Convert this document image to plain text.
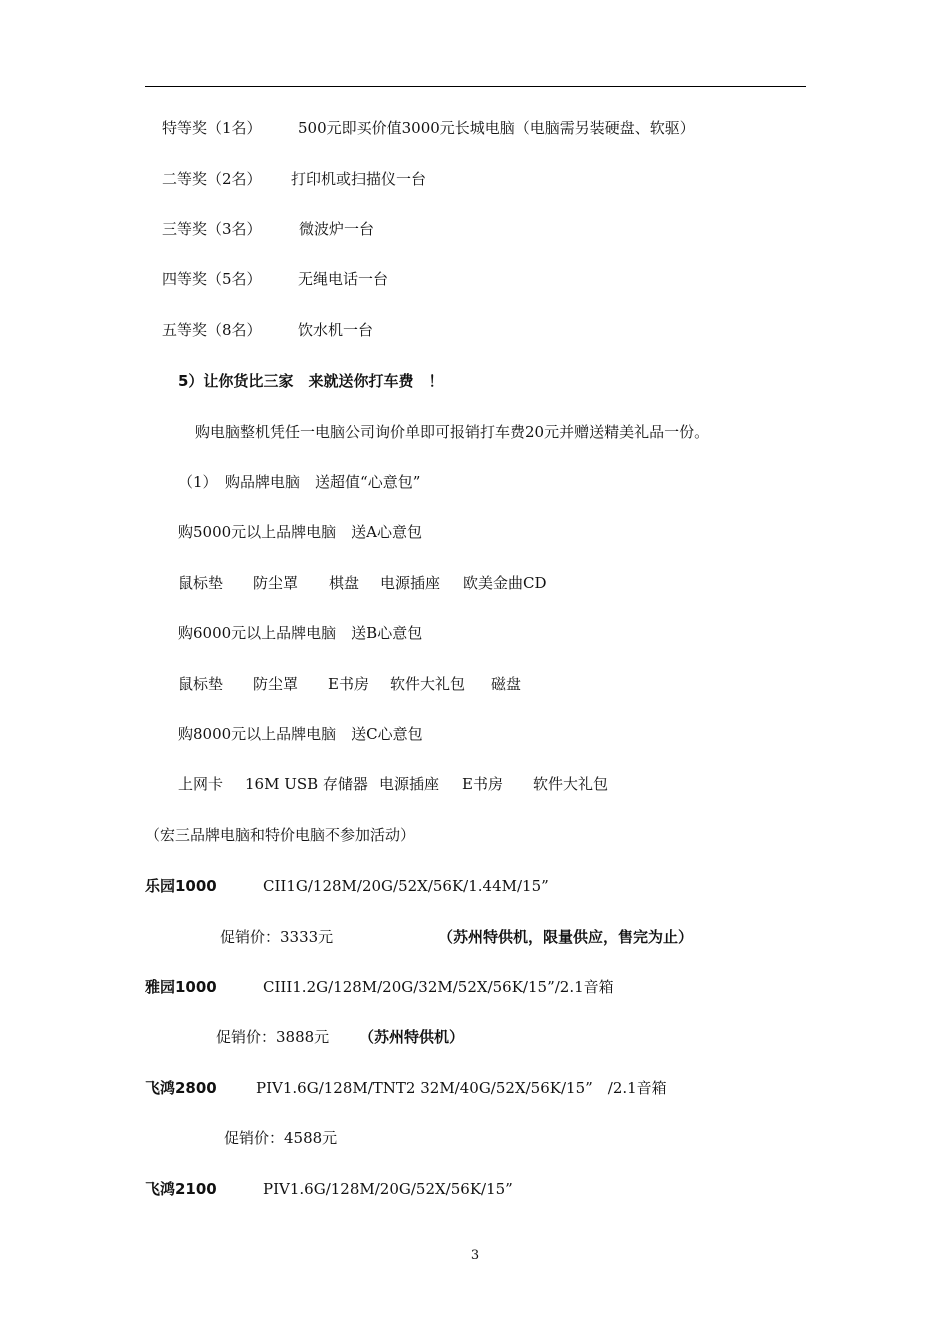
特等奖（1名） 500元即买价值3000元长城电脑（电脑需另装硬盘、软驱）
二等奖（2名） 打印机或扫描仪一台
三等奖（3名） 微波炉一台
四等奖（5名） 无绳电话一台
五等奖（8名） 饮水机一台
5）让你货比三家　来就送你打车费　！
购电脑整机凭任一电脑公司询价单即可报销打车费20元并赠送精美礼品一份。
（1）　购品牌电脑　送超值“心意包”
购5000元以上品牌电脑　送A心意包
鼠标垫 防尘罩 棋盘 电源插座 欧美金曲CD
购6000元以上品牌电脑　送B心意包
鼠标垫 防尘罩 E书房 软件大礼包 磁盘
购8000元以上品牌电脑　送C心意包
上网卡 16M USB 存储器 电源插座 E书房 软件大礼包
（宏三品牌电脑和特价电脑不参加活动）
乐园1000	CII1G/128M/20G/52X/56K/1.44M/15”
促销价：3333元	（苏州特供机，限量供应，售完为止）
雅园1000	CIII1.2G/128M/20G/32M/52X/56K/15”/2.1音箱
促销价：3888元 （苏州特供机）
飞鸿2800	PIV1.6G/128M/TNT2 32M/40G/52X/56K/15”　/2.1音箱
促销价：4588元
飞鸿2100	PIV1.6G/128M/20G/52X/56K/15”
3
